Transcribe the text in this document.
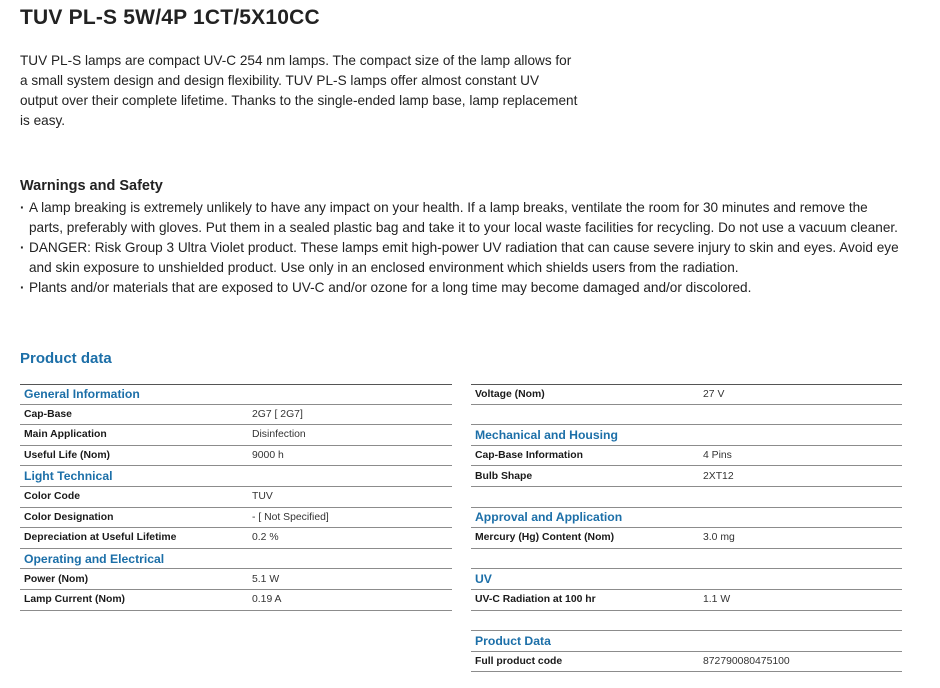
TUV PL-S 5W/4P 1CT/5X10CC

TUV PL-S lamps are compact UV-C 254 nm lamps. The compact size of the lamp allows for a small system design and design flexibility. TUV PL-S lamps offer almost constant UV output over their complete lifetime. Thanks to the single-ended lamp base, lamp replacement is easy.

Warnings and Safety
· A lamp breaking is extremely unlikely to have any impact on your health. If a lamp breaks, ventilate the room for 30 minutes and remove the parts, preferably with gloves. Put them in a sealed plastic bag and take it to your local waste facilities for recycling. Do not use a vacuum cleaner.
· DANGER: Risk Group 3 Ultra Violet product. These lamps emit high-power UV radiation that can cause severe injury to skin and eyes. Avoid eye and skin exposure to unshielded product. Use only in an enclosed environment which shields users from the radiation.
· Plants and/or materials that are exposed to UV-C and/or ozone for a long time may become damaged and/or discolored.
Product data
General Information
Cap-Base	2G7 [ 2G7]
Main Application	Disinfection
Useful Life (Nom)	9000 h
Light Technical
Color Code	TUV
Color Designation	- [ Not Specified]
Depreciation at Useful Lifetime	0.2 %
Operating and Electrical
Power (Nom)	5.1 W
Lamp Current (Nom)	0.19 A
Voltage (Nom)	27 V
Mechanical and Housing
Cap-Base Information	4 Pins
Bulb Shape	2XT12
Approval and Application
Mercury (Hg) Content (Nom)	3.0 mg
UV
UV-C Radiation at 100 hr	1.1 W
Product Data
Full product code	872790080475100
